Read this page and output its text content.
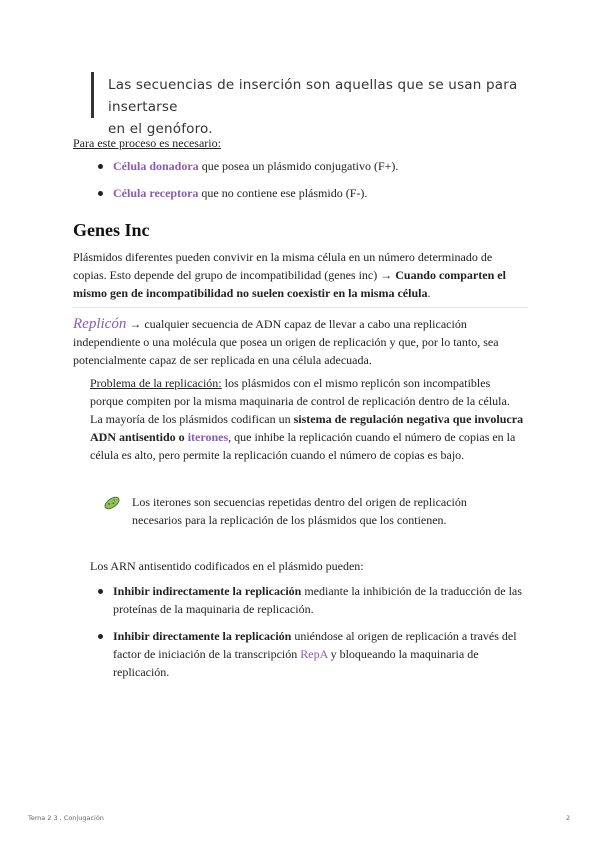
Las secuencias de inserción son aquellas que se usan para insertarse
en el genóforo.
Para este proceso es necesario:
Célula donadora que posea un plásmido conjugativo (F+).
Célula receptora que no contiene ese plásmido (F-).
Genes Inc
Plásmidos diferentes pueden convivir en la misma célula en un número determinado de
copias. Esto depende del grupo de incompatibilidad (genes inc) → Cuando comparten el
mismo gen de incompatibilidad no suelen coexistir en la misma célula.
Replicón → cualquier secuencia de ADN capaz de llevar a cabo una replicación
independiente o una molécula que posea un origen de replicación y que, por lo tanto, sea
potencialmente capaz de ser replicada en una célula adecuada.
Problema de la replicación: los plásmidos con el mismo replicón son incompatibles
porque compiten por la misma maquinaria de control de replicación dentro de la célula.
La mayoría de los plásmidos codifican un sistema de regulación negativa que involucra
ADN antisentido o iterones, que inhibe la replicación cuando el número de copias en la
célula es alto, pero permite la replicación cuando el número de copias es bajo.
Los iterones son secuencias repetidas dentro del origen de replicación
necesarios para la replicación de los plásmidos que los contienen.
Los ARN antisentido codificados en el plásmido pueden:
Inhibir indirectamente la replicación mediante la inhibición de la traducción de las
proteínas de la maquinaria de replicación.
Inhibir directamente la replicación uniéndose al origen de replicación a través del
factor de iniciación de la transcripción RepA y bloqueando la maquinaria de
replicación.
Tema 2 3 . Conjugación	2
